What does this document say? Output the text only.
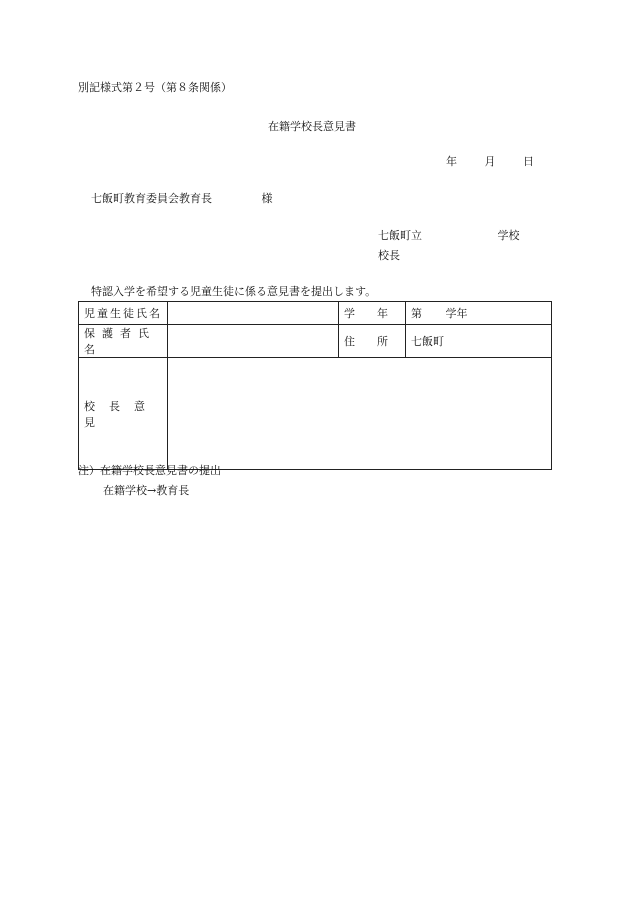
別記様式第２号（第８条関係）
在籍学校長意見書
年	月	日
七飯町教育委員会教育長	様
七飯町立	学校
校長
特認入学を希望する児童生徒に係る意見書を提出します。
児童生徒氏名		学　　年	第 学年
保護者氏名		住　　所	七飯町
校長意見			
注）在籍学校長意見書の提出
在籍学校→教育長
